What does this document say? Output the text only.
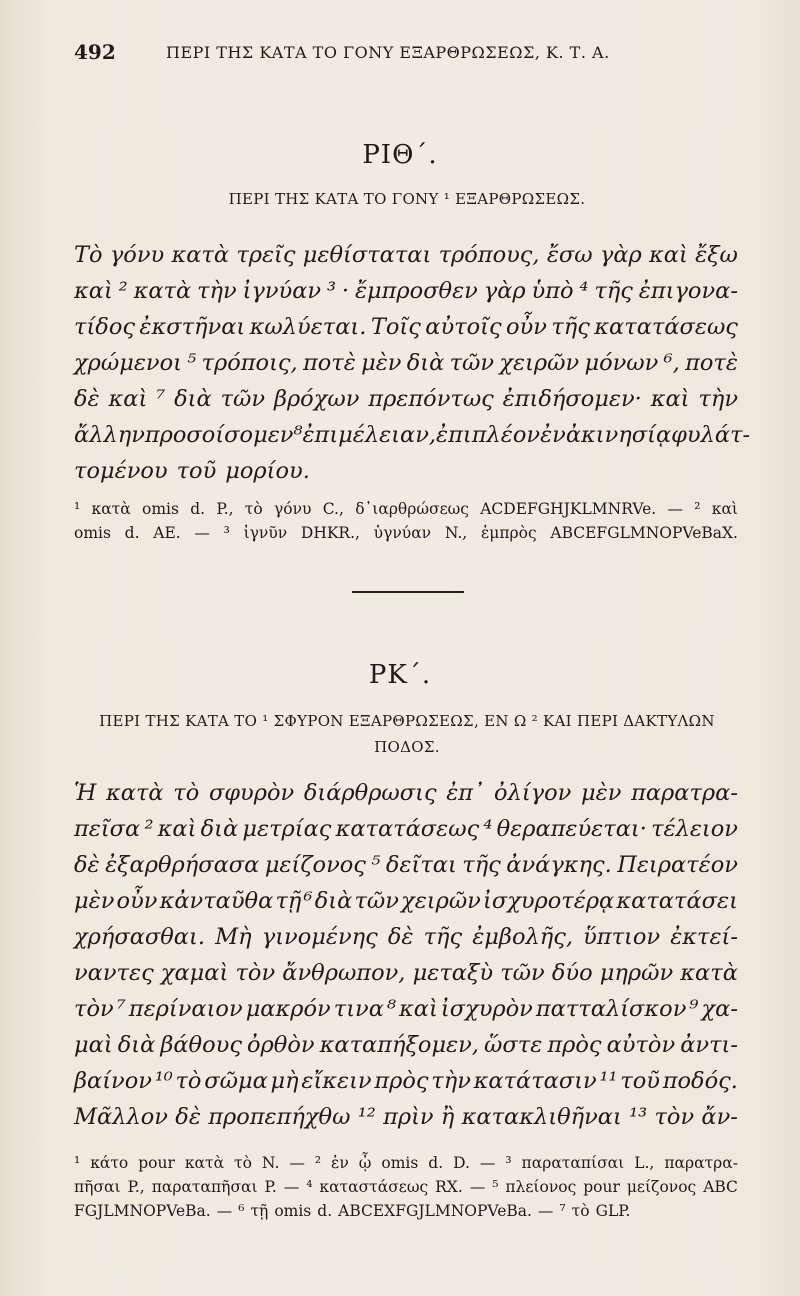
492	ΠΕΡΙ ΤΗΣ ΚΑΤΑ ΤΟ ΓΟΝΥ ΕΞΑΡΘΡΩΣΕΩΣ, Κ. Τ. Α.
ΡΙΘ΄.
ΠΕΡΙ ΤΗΣ ΚΑΤΑ ΤΟ ΓΟΝΥ ¹ ΕΞΑΡΘΡΩΣΕΩΣ.
Τὸ γόνυ κατὰ τρεῖς μεθίσταται τρόπους, ἔσω γὰρ καὶ ἔξω
καὶ ² κατὰ τὴν ἰγνύαν ³ · ἔμπροσθεν γὰρ ὑπὸ ⁴ τῆς ἐπιγονα-
τίδος ἐκστῆναι κωλύεται. Τοῖς αὐτοῖς οὖν τῆς κατατάσεως
χρώμενοι ⁵ τρόποις, ποτὲ μὲν διὰ τῶν χειρῶν μόνων ⁶, ποτὲ
δὲ καὶ ⁷ διὰ τῶν βρόχων πρεπόντως ἐπιδήσομεν· καὶ τὴν
ἄλλην προσοίσομεν ⁸ ἐπιμέλειαν, ἐπιπλέον ἐν ἀκινησίᾳ φυλάτ-
τομένου τοῦ μορίου.
¹ κατὰ omis d. P., τὸ γόνυ C., δ᾽ιαρθρώσεως ACDEFGHJKLMNRVe. — ² καὶ
omis d. AE. — ³ ἰγνῦν DHKR., ὑγνύαν N., ἐμπρὸς ABCEFGLMNOPVeBaX.
ΡΚ΄.
ΠΕΡΙ ΤΗΣ ΚΑΤΑ ΤΟ ¹ ΣΦΥΡΟΝ ΕΞΑΡΘΡΩΣΕΩΣ, ΕΝ Ω ² ΚΑΙ ΠΕΡΙ ΔΑΚΤΥΛΩΝ
ΠΟΔΟΣ.
Ἡ κατὰ τὸ σφυρὸν διάρθρωσις ἐπ᾽ ὀλίγον μὲν παρατρα-
πεῖσα ² καὶ διὰ μετρίας κατατάσεως ⁴ θεραπεύεται· τέλειον
δὲ ἐξαρθρήσασα μείζονος ⁵ δεῖται τῆς ἀνάγκης. Πειρατέον
μὲν οὖν κἀνταῦθα τῇ ⁶ διὰ τῶν χειρῶν ἰσχυροτέρᾳ κατατάσει
χρήσασθαι. Μὴ γινομένης δὲ τῆς ἐμβολῆς, ὕπτιον ἐκτεί-
ναντες χαμαὶ τὸν ἄνθρωπον, μεταξὺ τῶν δύο μηρῶν κατὰ
τὸν ⁷ περίναιον μακρόν τινα ⁸ καὶ ἰσχυρὸν πατταλίσκον ⁹ χα-
μαὶ διὰ βάθους ὀρθὸν καταπήξομεν, ὥστε πρὸς αὐτὸν ἀντι-
βαίνον ¹⁰ τὸ σῶμα μὴ εἴκειν πρὸς τὴν κατάτασιν ¹¹ τοῦ ποδός.
Μᾶλλον δὲ προπεπήχθω ¹² πρὶν ἢ κατακλιθῆναι ¹³ τὸν ἄν-
¹ κάτο pour κατὰ τὸ N. — ² ἐν ᾧ omis d. D. — ³ παραταπίσαι L., παρατρα-
πῆσαι P., παραταπῆσαι P. — ⁴ καταστάσεως RX. — ⁵ πλείονος pour μείζονος ABC
FGJLMNOPVeBa. — ⁶ τῇ omis d. ABCEXFGJLMNOPVeBa. — ⁷ τὸ GLP.
